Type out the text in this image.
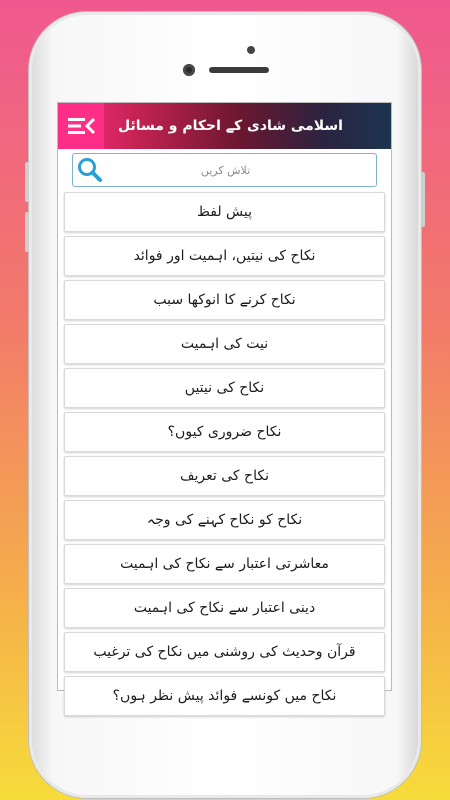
اسلامی شادی کے احکام و مسائل
تلاش کریں
پیش لفظ
نکاح کی نیتیں، اہمیت اور فوائد
نکاح کرنے کا انوکھا سبب
نیت کی اہمیت
نکاح کی نیتیں
نکاح ضروری کیوں؟
نکاح کی تعریف
نکاح کو نکاح کہنے کی وجہ
معاشرتی اعتبار سے نکاح کی اہمیت
دینی اعتبار سے نکاح کی اہمیت
قرآن وحدیث کی روشنی میں نکاح کی ترغیب
نکاح میں کونسے فوائد پیش نظر ہوں؟
